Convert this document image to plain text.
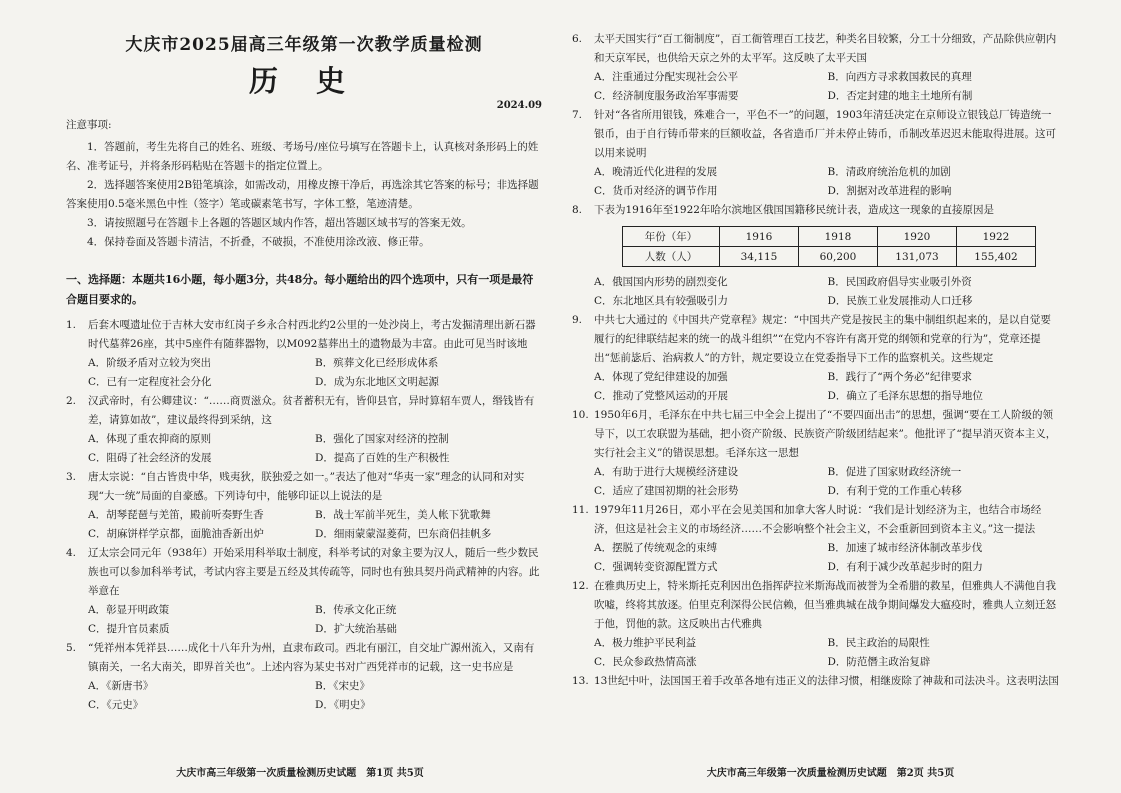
大庆市2025届高三年级第一次教学质量检测
历 史
2024.09
注意事项:

1．答题前，考生先将自己的姓名、班级、考场号/座位号填写在答题卡上，认真核对条形码上的姓名、准考证号，并将条形码粘贴在答题卡的指定位置上。

2．选择题答案使用2B铅笔填涂，如需改动，用橡皮擦干净后，再选涂其它答案的标号；非选择题答案使用0.5毫米黑色中性（签字）笔或碳素笔书写，字体工整，笔迹清楚。

3．请按照题号在答题卡上各题的答题区域内作答，超出答题区域书写的答案无效。

4．保持卷面及答题卡清洁，不折叠，不破损，不准使用涂改液、修正带。

一、选择题：本题共16小题，每小题3分，共48分。每小题给出的四个选项中，只有一项是最符合题目要求的。

1. 后套木嘎遗址位于吉林大安市红岗子乡永合村西北约2公里的一处沙岗上，考古发掘清理出新石器时代墓葬26座，其中5座件有随葬器物，以M092墓葬出土的遗物最为丰富。由此可见当时该地

A．阶级矛盾对立较为突出	B．殡葬文化已经形成体系
C．已有一定程度社会分化	D．成为东北地区文明起源

2. 汉武帝时，有公卿建议：“……商贾滋众。贫者蓄积无有，皆仰县官，异时算轺车贾人，缗钱皆有差，请算如故”，建议最终得到采纳，这

A．体现了重农抑商的原则	B．强化了国家对经济的控制
C．阻碍了社会经济的发展	D．提高了百姓的生产积极性

3. 唐太宗说：“自古皆贵中华，贱夷狄，朕独爱之如一。”表达了他对“华夷一家”理念的认同和对实现“大一统”局面的自豪感。下列诗句中，能够印证以上说法的是

A．胡琴琵琶与羌笛，殿前听奏野生香	B．战士军前半死生，美人帐下犹歌舞
C．胡麻饼样学京都，面脆油香新出炉	D．细雨蒙蒙湿菱荷，巴东商侣挂帆多

4. 辽太宗会同元年（938年）开始采用科举取士制度，科举考试的对象主要为汉人，随后一些少数民族也可以参加科举考试，考试内容主要是五经及其传疏等，同时也有独具契丹尚武精神的内容。此举意在

A．彰显开明政策	B．传承文化正统
C．提升官员素质	D．扩大统治基础

5. “凭祥州本凭祥县……成化十八年升为州，直隶布政司。西北有丽江，自交址广源州流入，又南有镇南关，一名大南关，即界首关也”。上述内容为某史书对广西凭祥市的记载，这一史书应是

A．《新唐书》	B．《宋史》
C．《元史》	D．《明史》
大庆市高三年级第一次质量检测历史试题　第1页 共5页

6. 太平天国实行“百工衙制度”，百工衙管理百工技艺，种类名目较繁，分工十分细致，产品除供应朝内和天京军民，也供给天京之外的太平军。这反映了太平天国

A．注重通过分配实现社会公平	B．向西方寻求救国救民的真理
C．经济制度服务政治军事需要	D．否定封建的地主土地所有制

7. 针对“各省所用银钱，殊难合一，平色不一”的问题，1903年清廷决定在京师设立银钱总厂铸造统一银币，由于自行铸币带来的巨额收益，各省造币厂并未停止铸币，币制改革迟迟未能取得进展。这可以用来说明

A．晚清近代化进程的发展	B．清政府统治危机的加剧
C．货币对经济的调节作用	D．割据对改革进程的影响

8. 下表为1916年至1922年哈尔滨地区俄国国籍移民统计表，造成这一现象的直接原因是

年份（年）	1916	1918	1920	1922
人数（人）	34,115	60,200	131,073	155,402
A．俄国国内形势的剧烈变化	B．民国政府倡导实业吸引外资
C．东北地区具有较强吸引力	D．民族工业发展推动人口迁移

9. 中共七大通过的《中国共产党章程》规定：“中国共产党是按民主的集中制组织起来的，是以自觉要履行的纪律联结起来的统一的战斗组织”“在党内不容许有离开党的纲领和党章的行为”，党章还提出“惩前毖后、治病救人”的方针，规定要设立在党委指导下工作的监察机关。这些规定

A．体现了党纪律建设的加强	B．践行了“两个务必”纪律要求
C．推动了党整风运动的开展	D．确立了毛泽东思想的指导地位

10. 1950年6月，毛泽东在中共七届三中全会上提出了“不要四面出击”的思想，强调“要在工人阶级的领导下，以工农联盟为基础，把小资产阶级、民族资产阶级团结起来”。他批评了“提早消灭资本主义，实行社会主义”的错误思想。毛泽东这一思想

A．有助于进行大规模经济建设	B．促进了国家财政经济统一
C．适应了建国初期的社会形势	D．有利于党的工作重心转移

11. 1979年11月26日，邓小平在会见美国和加拿大客人时说：“我们是计划经济为主，也结合市场经济，但这是社会主义的市场经济……不会影响整个社会主义，不会重新回到资本主义。”这一提法

A．摆脱了传统观念的束缚	B．加速了城市经济体制改革步伐
C．强调转变资源配置方式	D．有利于减少改革起步时的阻力

12. 在雅典历史上，特米斯托克利因出色指挥萨拉米斯海战而被誉为全希腊的救星，但雅典人不满他自我吹嘘，终将其放逐。伯里克利深得公民信赖，但当雅典城在战争期间爆发大瘟疫时，雅典人立刻迁怒于他，罚他的款。这反映出古代雅典

A．极力维护平民利益	B．民主政治的局限性
C．民众参政热情高涨	D．防范僭主政治复辟

13. 13世纪中叶，法国国王着手改革各地有违正义的法律习惯，相继废除了神裁和司法决斗。这表明法国

大庆市高三年级第一次质量检测历史试题　第2页 共5页
